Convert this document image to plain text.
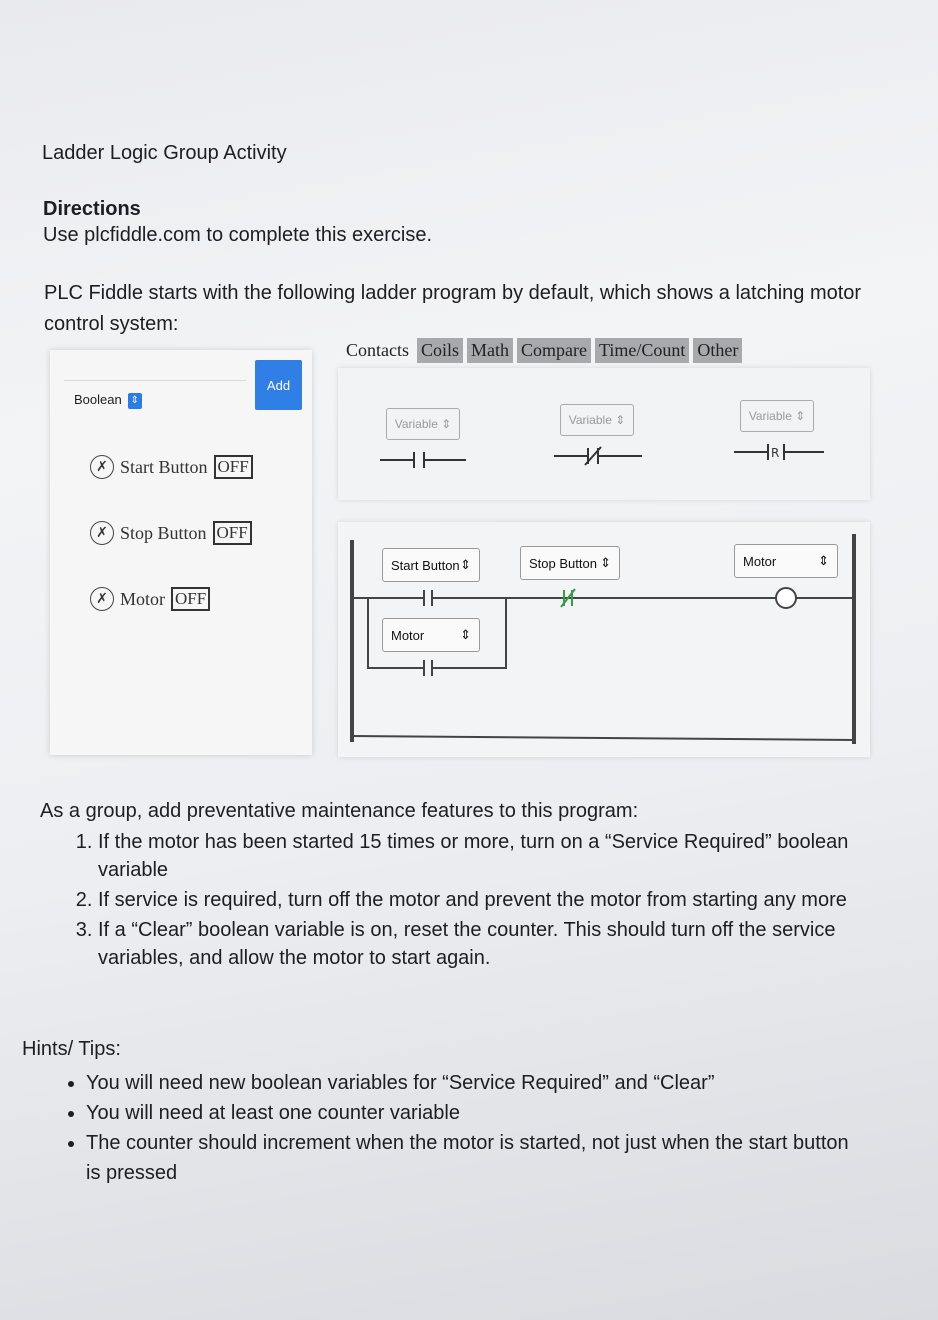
Ladder Logic Group Activity
Directions
Use plcfiddle.com to complete this exercise.
PLC Fiddle starts with the following ladder program by default, which shows a latching motor control system:
Boolean ⇕
Add
✗ Start Button OFF
✗ Stop Button OFF
✗ Motor OFF
Contacts Coils Math Compare Time/Count Other
Variable ⇕	Variable ⇕	Variable ⇕
R
Start Button ⇕	Stop Button ⇕	Motor	⇕
Motor	⇕
As a group, add preventative maintenance features to this program:
1. If the motor has been started 15 times or more, turn on a “Service Required” boolean variable
2. If service is required, turn off the motor and prevent the motor from starting any more
3. If a “Clear” boolean variable is on, reset the counter. This should turn off the service variables, and allow the motor to start again.
Hints/ Tips:
• You will need new boolean variables for “Service Required” and “Clear”
• You will need at least one counter variable
• The counter should increment when the motor is started, not just when the start button is pressed
